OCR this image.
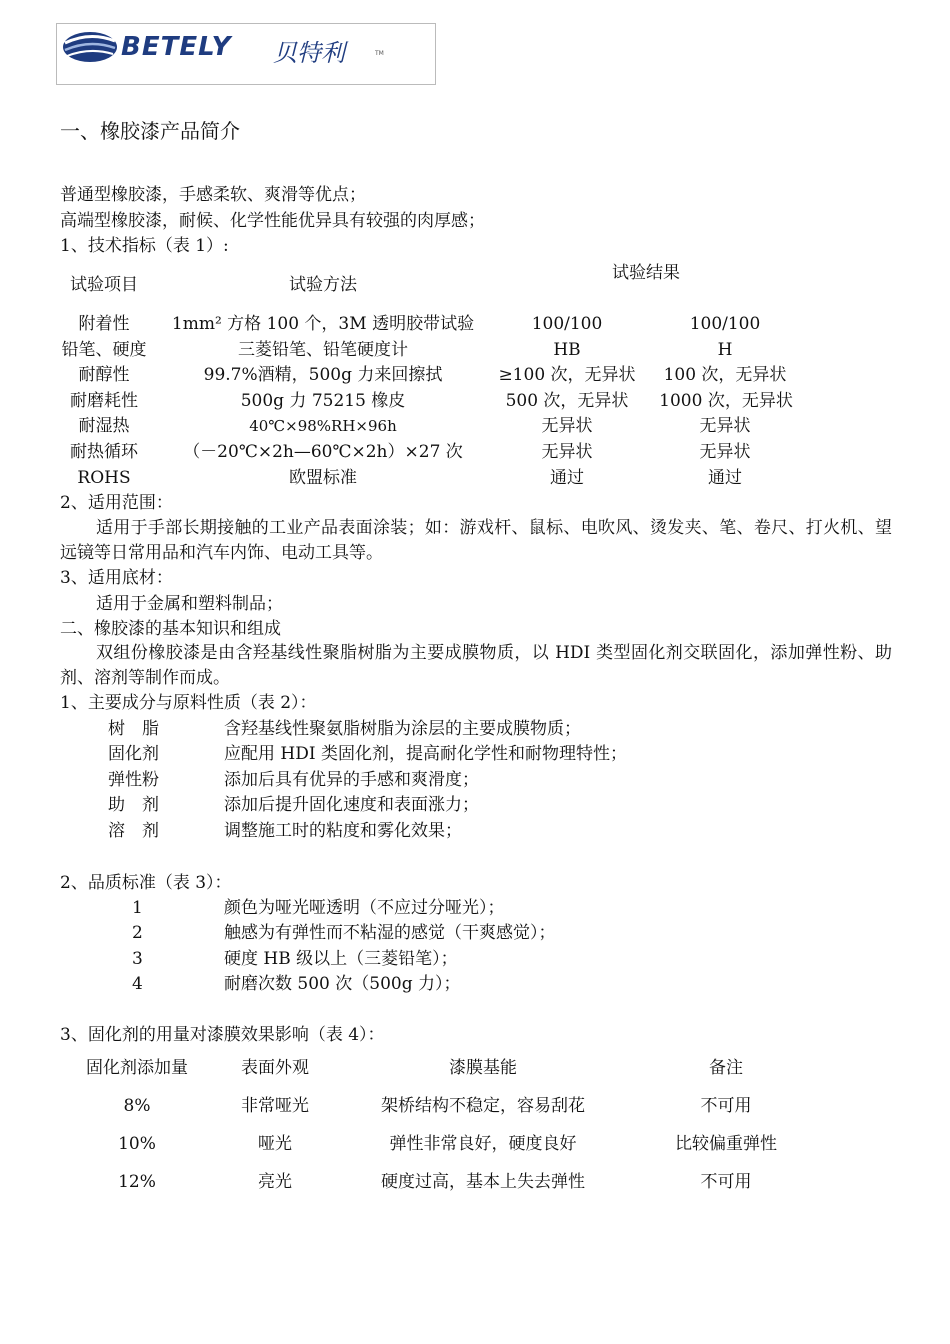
BETELY 贝特利	TM
一、橡胶漆产品简介
普通型橡胶漆，手感柔软、爽滑等优点；
高端型橡胶漆，耐候、化学性能优异具有较强的肉厚感；
1、技术指标（表 1）:
试验项目	试验方法
试验结果
附着性	1mm² 方格 100 个，3M 透明胶带试验	100/100	100/100
铅笔、硬度	三菱铅笔、铅笔硬度计	HB	H
耐醇性	99.7%酒精，500g 力来回擦拭	≥100 次，无异状	100 次，无异状
耐磨耗性	500g 力 75215 橡皮	500 次，无异状	1000 次，无异状
耐湿热	40℃×98%RH×96h	无异状	无异状
耐热循环	（－20℃×2h—60℃×2h）×27 次	无异状	无异状
ROHS	欧盟标准	通过	通过
2、适用范围：
适用于手部长期接触的工业产品表面涂装；如：游戏杆、鼠标、电吹风、烫发夹、笔、卷尺、打火机、望远镜等日常用品和汽车内饰、电动工具等。
3、适用底材：
适用于金属和塑料制品；
二、橡胶漆的基本知识和组成
双组份橡胶漆是由含羟基线性聚脂树脂为主要成膜物质，以 HDI 类型固化剂交联固化，添加弹性粉、助剂、溶剂等制作而成。
1、主要成分与原料性质（表 2）：
树　脂	含羟基线性聚氨脂树脂为涂层的主要成膜物质；
固化剂	应配用 HDI 类固化剂，提高耐化学性和耐物理特性；
弹性粉	添加后具有优异的手感和爽滑度；
助　剂	添加后提升固化速度和表面涨力；
溶　剂	调整施工时的粘度和雾化效果；
2、品质标准（表 3）：
1	颜色为哑光哑透明（不应过分哑光）；
2	触感为有弹性而不粘湿的感觉（干爽感觉）；
3	硬度 HB 级以上（三菱铅笔）；
4	耐磨次数 500 次（500g 力）；
3、固化剂的用量对漆膜效果影响（表 4）：
固化剂添加量	表面外观	漆膜基能	备注
8%	非常哑光	架桥结构不稳定，容易刮花	不可用
10%	哑光	弹性非常良好，硬度良好	比较偏重弹性
12%	亮光	硬度过高，基本上失去弹性	不可用
